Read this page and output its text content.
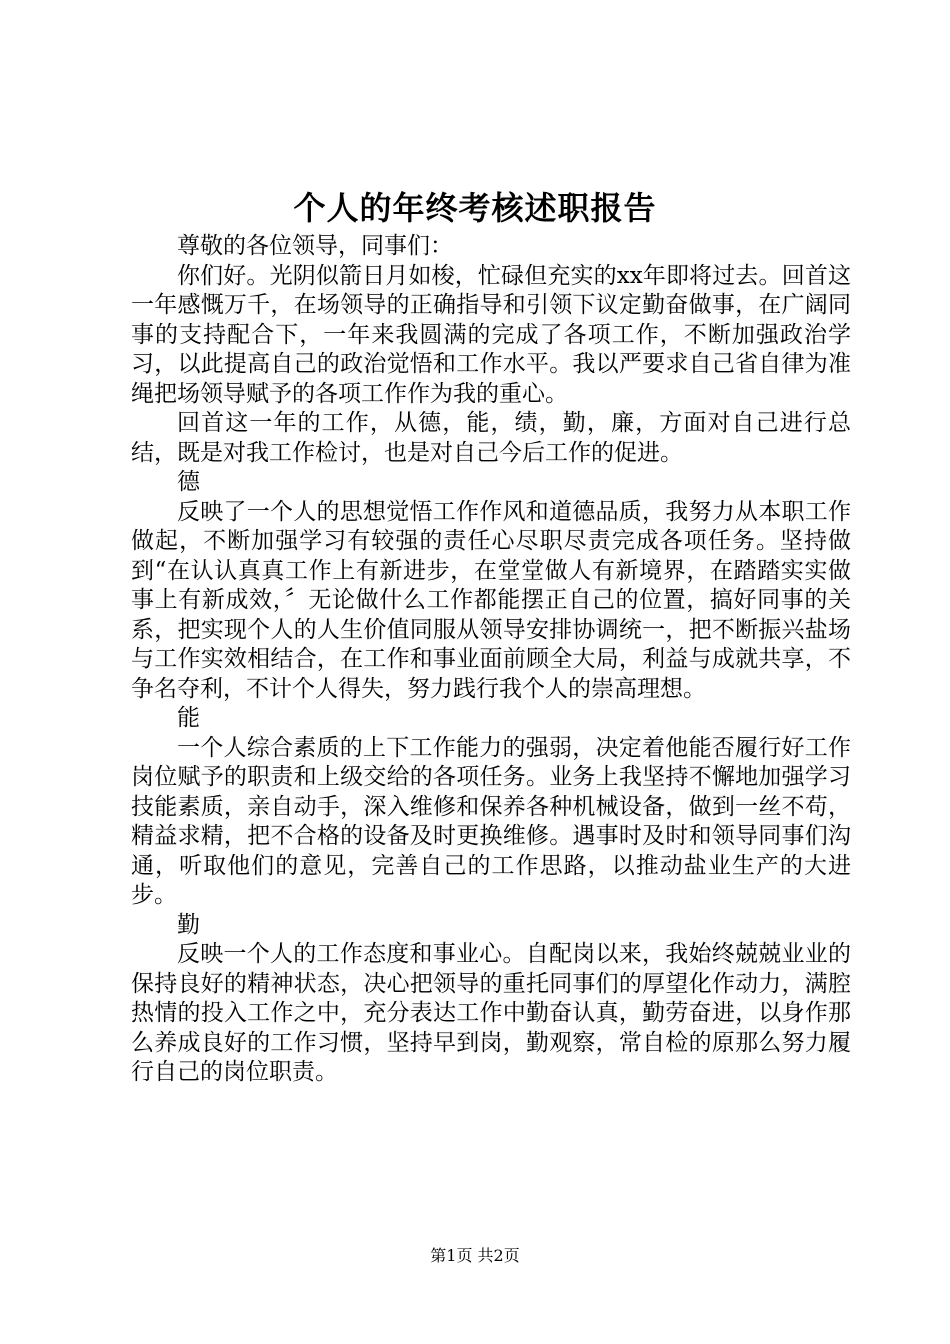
个人的年终考核述职报告

尊敬的各位领导，同事们：

你们好。光阴似箭日月如梭，忙碌但充实的xx年即将过去。回首这一年感慨万千，在场领导的正确指导和引领下议定勤奋做事，在广阔同事的支持配合下，一年来我圆满的完成了各项工作，不断加强政治学习，以此提高自己的政治觉悟和工作水平。我以严要求自己省自律为准绳把场领导赋予的各项工作作为我的重心。

回首这一年的工作，从德，能，绩，勤，廉，方面对自己进行总结，既是对我工作检讨，也是对自己今后工作的促进。

德

反映了一个人的思想觉悟工作作风和道德品质，我努力从本职工作做起，不断加强学习有较强的责任心尽职尽责完成各项任务。坚持做到“在认认真真工作上有新进步，在堂堂做人有新境界，在踏踏实实做事上有新成效，〞无论做什么工作都能摆正自己的位置，搞好同事的关系，把实现个人的人生价值同服从领导安排协调统一，把不断振兴盐场与工作实效相结合，在工作和事业面前顾全大局，利益与成就共享，不争名夺利，不计个人得失，努力践行我个人的崇高理想。

能

一个人综合素质的上下工作能力的强弱，决定着他能否履行好工作岗位赋予的职责和上级交给的各项任务。业务上我坚持不懈地加强学习技能素质，亲自动手，深入维修和保养各种机械设备，做到一丝不苟，精益求精，把不合格的设备及时更换维修。遇事时及时和领导同事们沟通，听取他们的意见，完善自己的工作思路，以推动盐业生产的大进步。

勤

反映一个人的工作态度和事业心。自配岗以来，我始终兢兢业业的保持良好的精神状态，决心把领导的重托同事们的厚望化作动力，满腔热情的投入工作之中，充分表达工作中勤奋认真，勤劳奋进，以身作那么养成良好的工作习惯，坚持早到岗，勤观察，常自检的原那么努力履行自己的岗位职责。

第1页 共2页
